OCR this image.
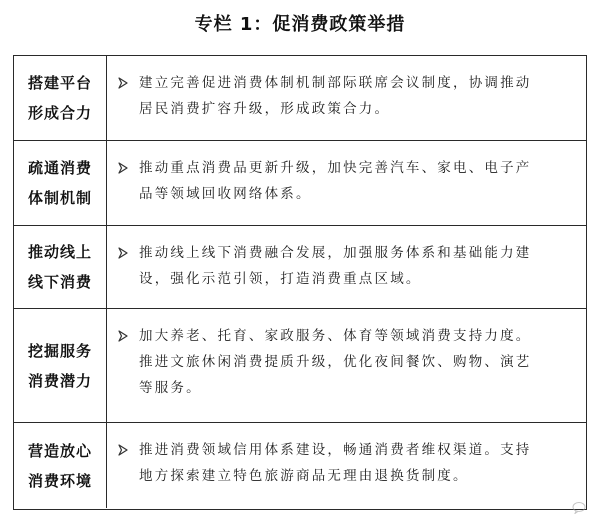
专栏 1：促消费政策举措
搭建平台
形成合力
建立完善促进消费体制机制部际联席会议制度，协调推动
居民消费扩容升级，形成政策合力。
疏通消费
体制机制
推动重点消费品更新升级，加快完善汽车、家电、电子产
品等领域回收网络体系。
推动线上
线下消费
推动线上线下消费融合发展，加强服务体系和基础能力建
设，强化示范引领，打造消费重点区域。
挖掘服务
消费潜力
加大养老、托育、家政服务、体育等领域消费支持力度。
推进文旅休闲消费提质升级，优化夜间餐饮、购物、演艺
等服务。
营造放心
消费环境
推进消费领域信用体系建设，畅通消费者维权渠道。支持
地方探索建立特色旅游商品无理由退换货制度。
